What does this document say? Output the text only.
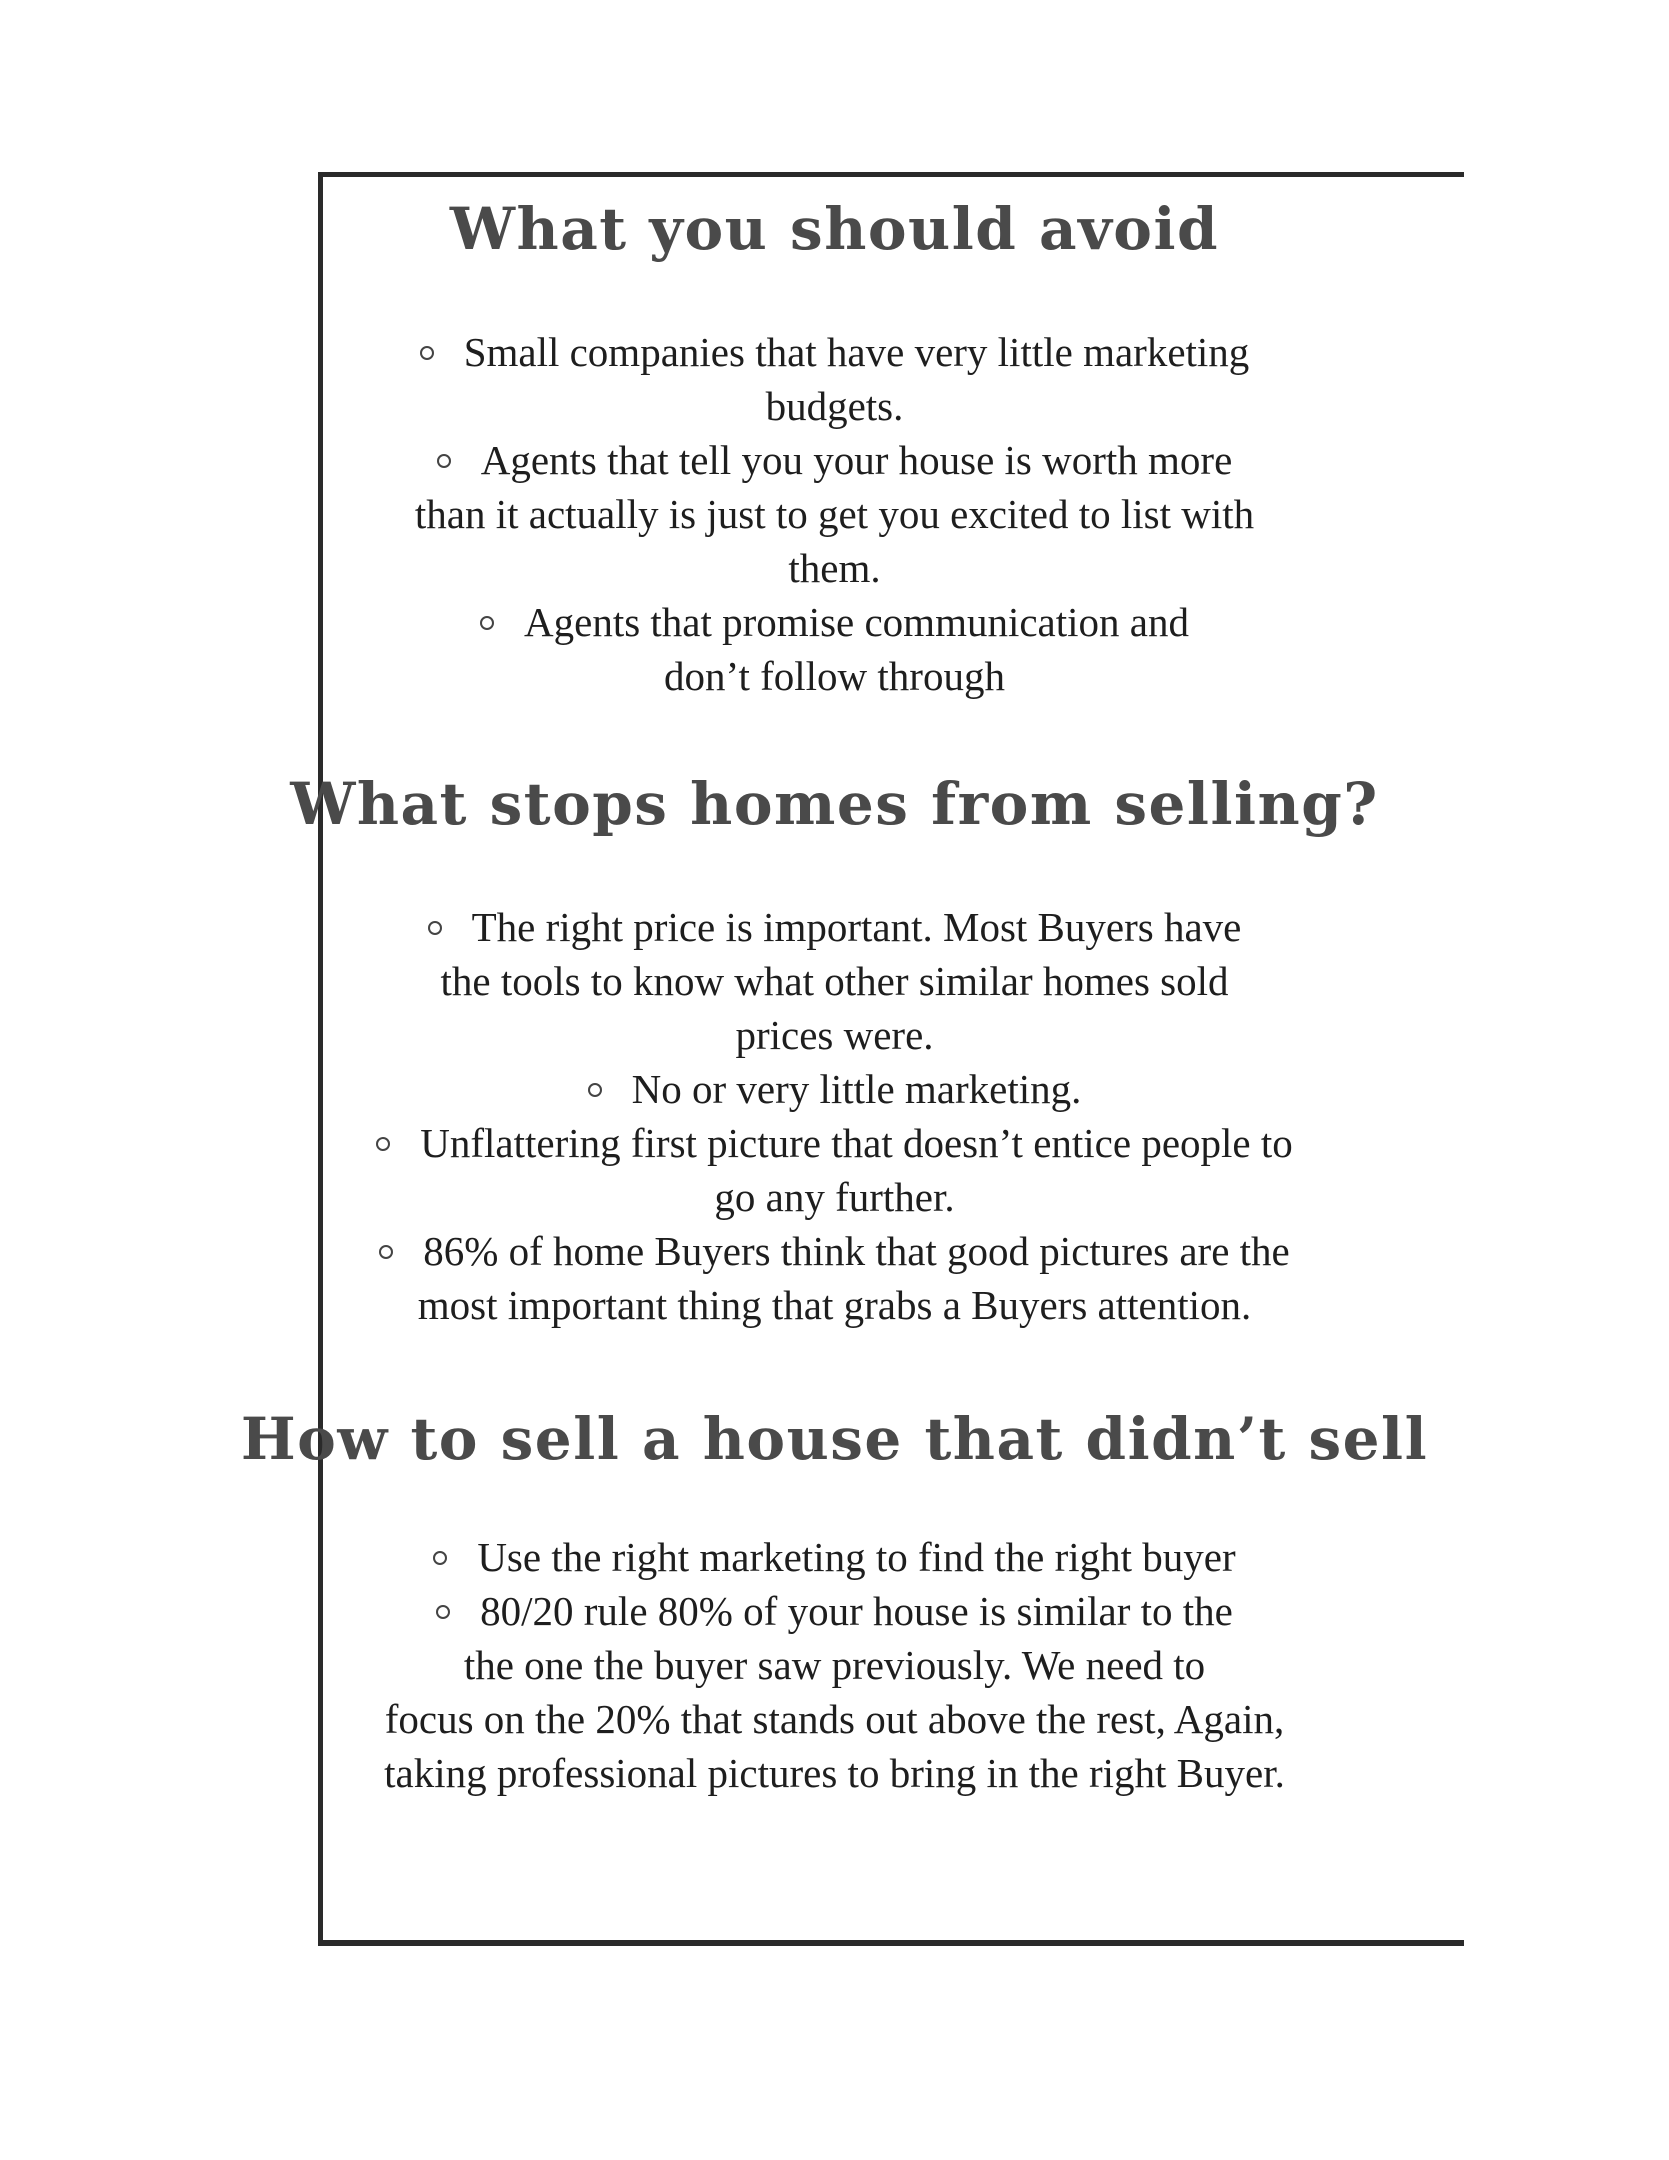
What you should avoid
Small companies that have very little marketing
budgets.
Agents that tell you your house is worth more
than it actually is just to get you excited to list with
them.
Agents that promise communication and
don’t follow through
What stops homes from selling?
The right price is important. Most Buyers have
the tools to know what other similar homes sold
prices were.
No or very little marketing.
Unflattering first picture that doesn’t entice people to
go any further.
86% of home Buyers think that good pictures are the
most important thing that grabs a Buyers attention.
How to sell a house that didn’t sell
Use the right marketing to find the right buyer
80/20 rule 80% of your house is similar to the
the one the buyer saw previously. We need to
focus on the 20% that stands out above the rest, Again,
taking professional pictures to bring in the right Buyer.
